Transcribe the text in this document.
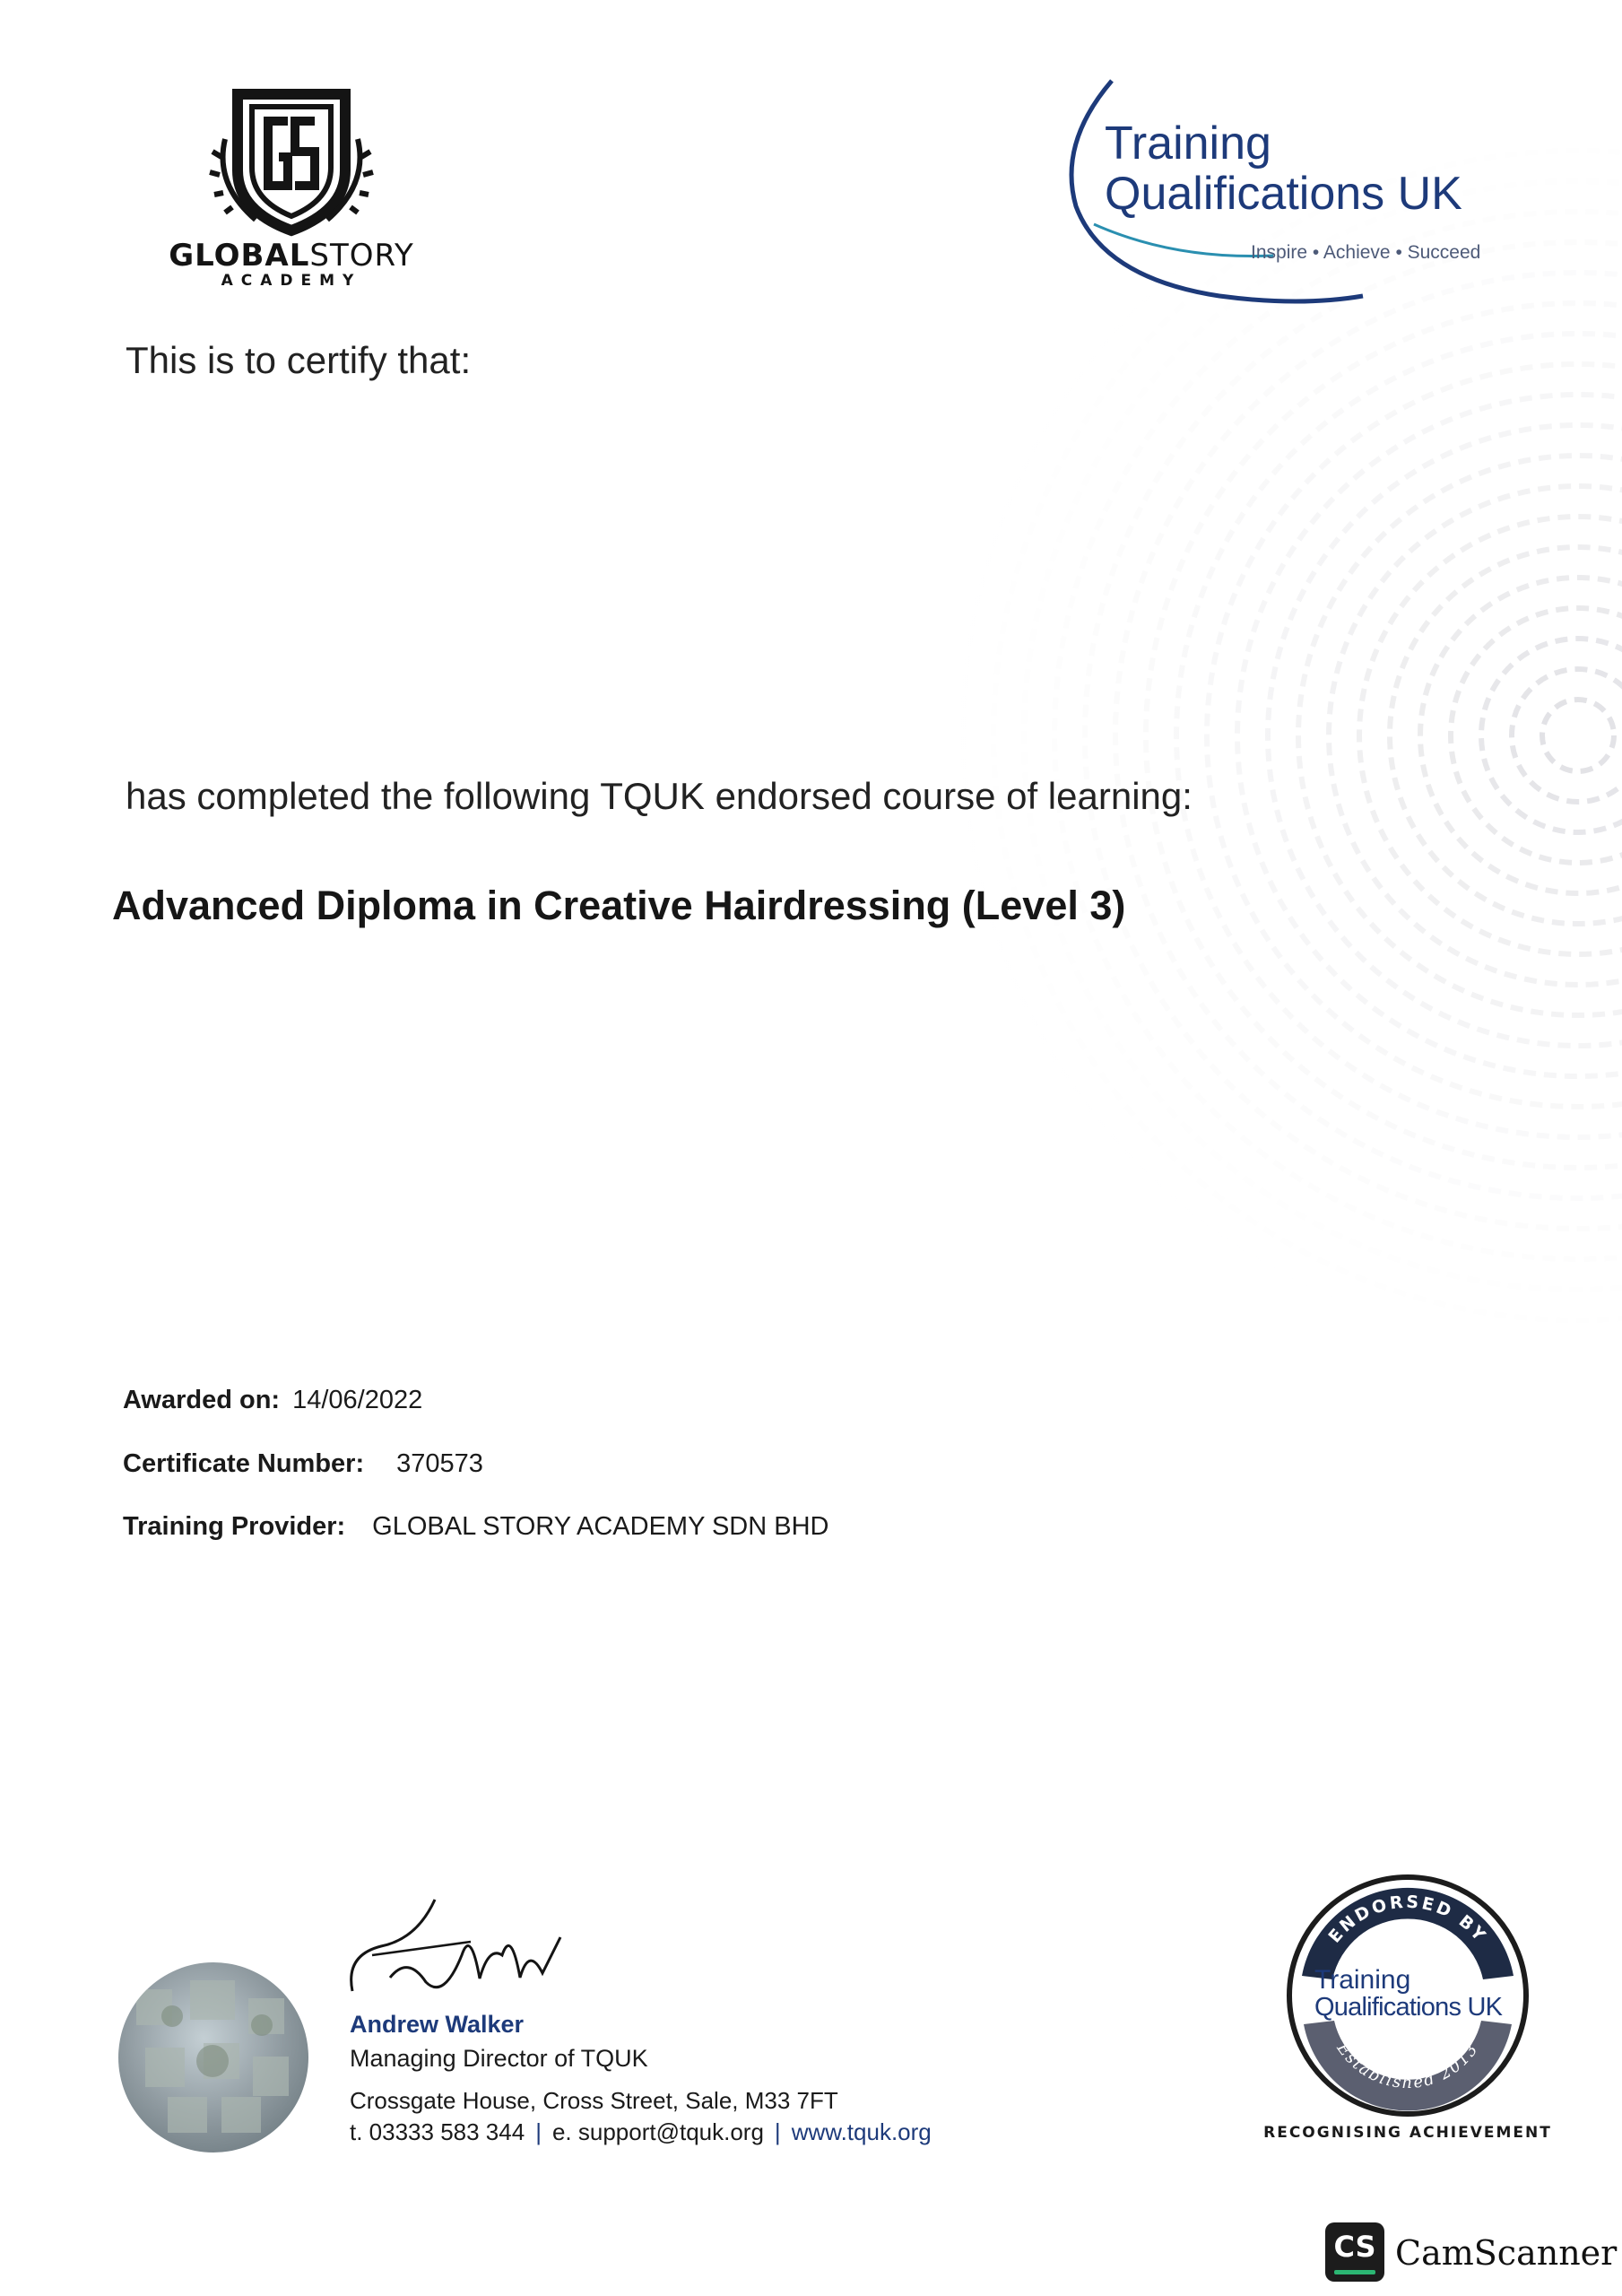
GLOBALSTORY
ACADEMY
Training
Qualifications UK
Inspire • Achieve • Succeed
This is to certify that:
has completed the following TQUK endorsed course of learning:
Advanced Diploma in Creative Hairdressing (Level 3)
Awarded on: 14/06/2022
Certificate Number: 370573
Training Provider: GLOBAL STORY ACADEMY SDN BHD
Andrew Walker
Managing Director of TQUK
Crossgate House, Cross Street, Sale, M33 7FT
t. 03333 583 344 | e. support@tquk.org | www.tquk.org
ENDORSED BY
Established 2013
Training
Qualifications UK
RECOGNISING ACHIEVEMENT
CS CamScanner
